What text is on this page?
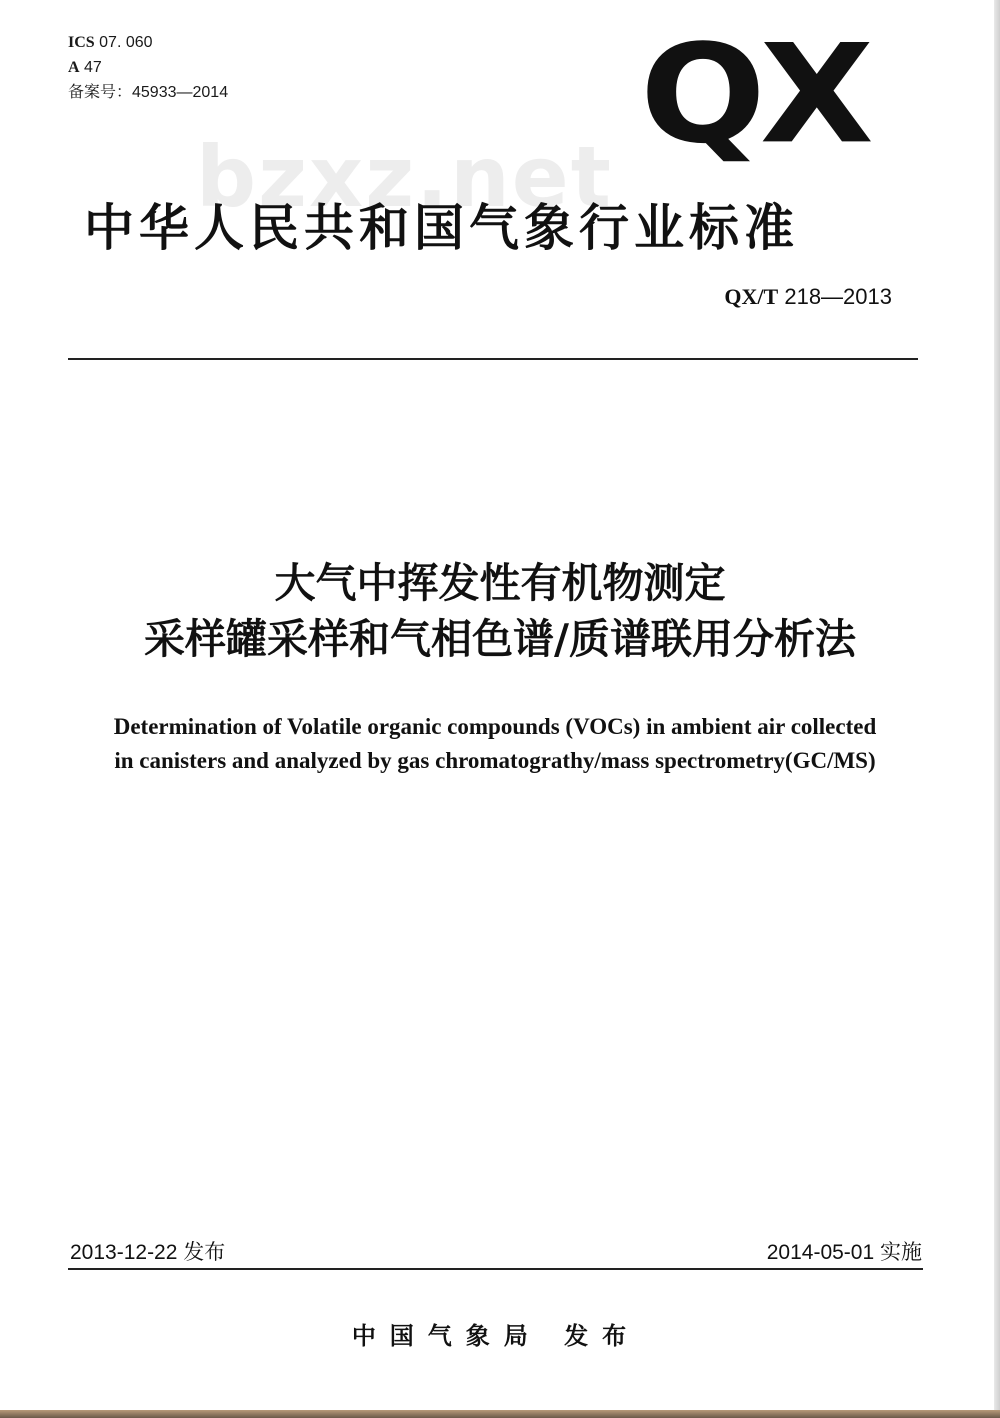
ICS 07. 060
A 47
备案号：45933—2014	QX
bzxz.net
中华人民共和国气象行业标准
QX/T 218—2013
大气中挥发性有机物测定
采样罐采样和气相色谱/质谱联用分析法
Determination of Volatile organic compounds (VOCs) in ambient air collected
in canisters and analyzed by gas chromatograthy/mass spectrometry(GC/MS)
2013-12-22 发布	2014-05-01 实施
中国气象局 发布
